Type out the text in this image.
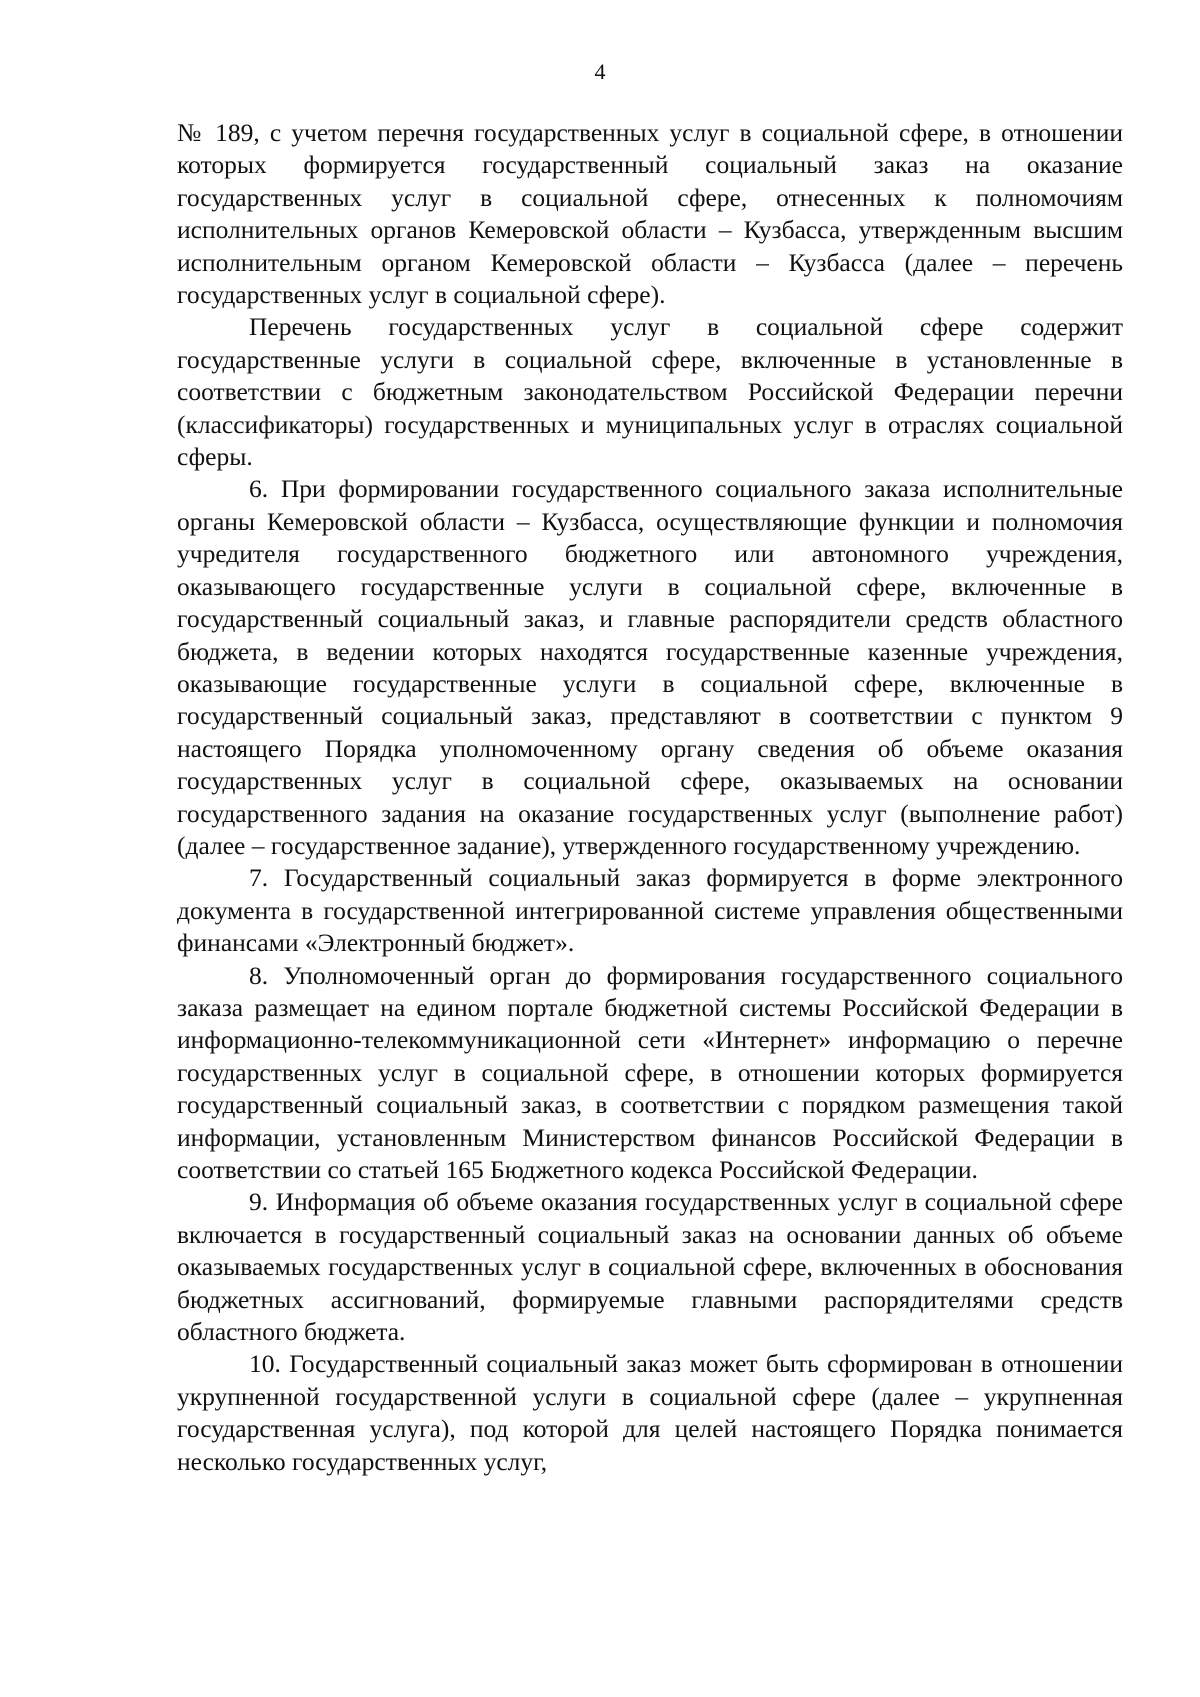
4

№ 189, с учетом перечня государственных услуг в социальной сфере, в отношении которых формируется государственный социальный заказ на оказание государственных услуг в социальной сфере, отнесенных к полномочиям исполнительных органов Кемеровской области – Кузбасса, утвержденным высшим исполнительным органом Кемеровской области – Кузбасса (далее – перечень государственных услуг в социальной сфере).

Перечень государственных услуг в социальной сфере содержит государственные услуги в социальной сфере, включенные в установленные в соответствии с бюджетным законодательством Российской Федерации перечни (классификаторы) государственных и муниципальных услуг в отраслях социальной сферы.

6. При формировании государственного социального заказа исполнительные органы Кемеровской области – Кузбасса, осуществляющие функции и полномочия учредителя государственного бюджетного или автономного учреждения, оказывающего государственные услуги в социальной сфере, включенные в государственный социальный заказ, и главные распорядители средств областного бюджета, в ведении которых находятся государственные казенные учреждения, оказывающие государственные услуги в социальной сфере, включенные в государственный социальный заказ, представляют в соответствии с пунктом 9 настоящего Порядка уполномоченному органу сведения об объеме оказания государственных услуг в социальной сфере, оказываемых на основании государственного задания на оказание государственных услуг (выполнение работ) (далее – государственное задание), утвержденного государственному учреждению.

7. Государственный социальный заказ формируется в форме электронного документа в государственной интегрированной системе управления общественными финансами «Электронный бюджет».

8. Уполномоченный орган до формирования государственного социального заказа размещает на едином портале бюджетной системы Российской Федерации в информационно-телекоммуникационной сети «Интернет» информацию о перечне государственных услуг в социальной сфере, в отношении которых формируется государственный социальный заказ, в соответствии с порядком размещения такой информации, установленным Министерством финансов Российской Федерации в соответствии со статьей 165 Бюджетного кодекса Российской Федерации.

9. Информация об объеме оказания государственных услуг в социальной сфере включается в государственный социальный заказ на основании данных об объеме оказываемых государственных услуг в социальной сфере, включенных в обоснования бюджетных ассигнований, формируемые главными распорядителями средств областного бюджета.

10. Государственный социальный заказ может быть сформирован в отношении укрупненной государственной услуги в социальной сфере (далее – укрупненная государственная услуга), под которой для целей настоящего Порядка понимается несколько государственных услуг,
